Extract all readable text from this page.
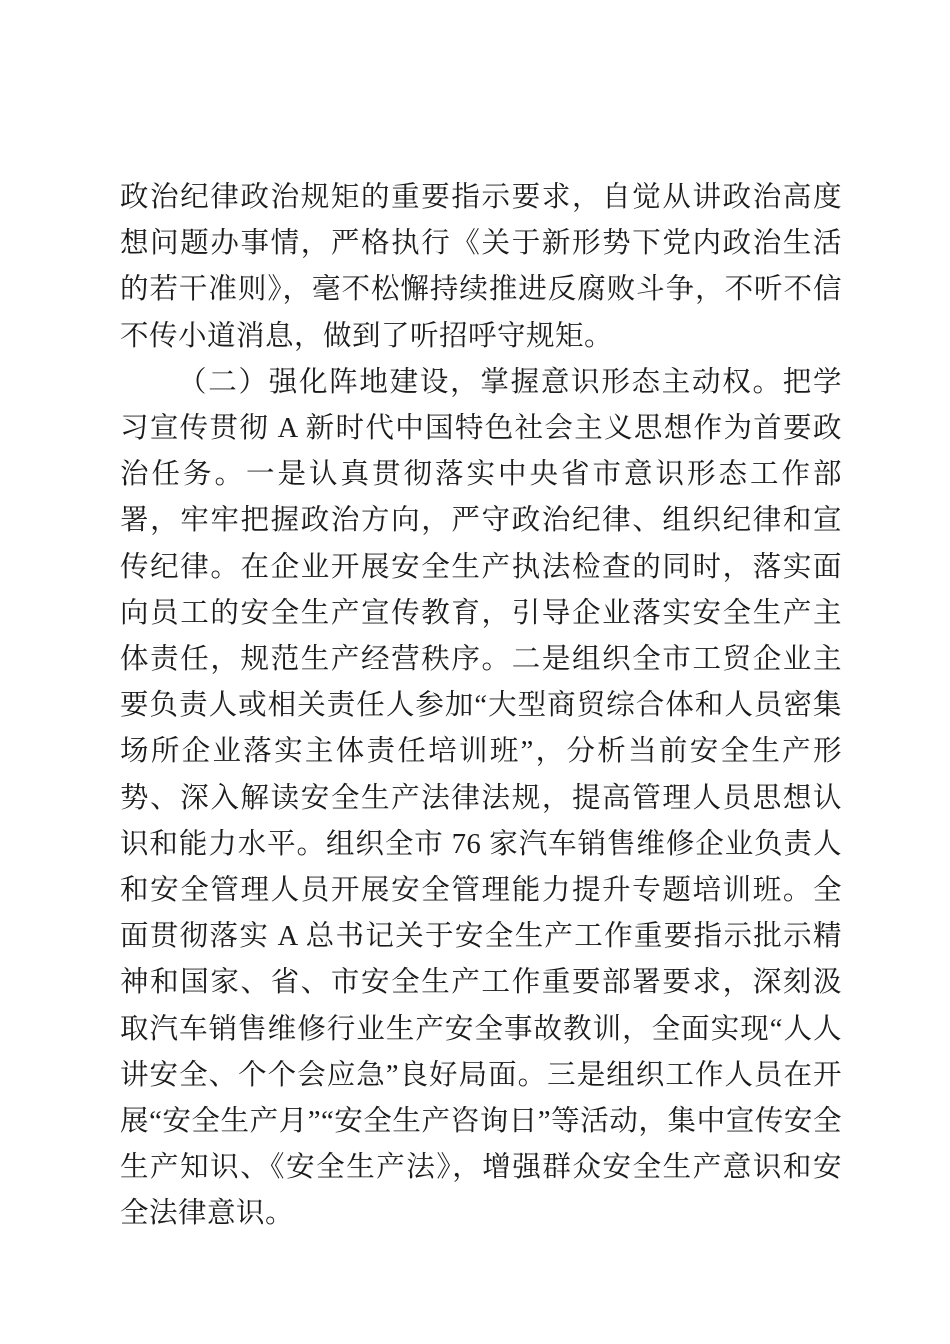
政治纪律政治规矩的重要指示要求，自觉从讲政治高度想问题办事情，严格执行《关于新形势下党内政治生活的若干准则》，毫不松懈持续推进反腐败斗争，不听不信不传小道消息，做到了听招呼守规矩。

（二）强化阵地建设，掌握意识形态主动权。把学习宣传贯彻 A 新时代中国特色社会主义思想作为首要政治任务。一是认真贯彻落实中央省市意识形态工作部署，牢牢把握政治方向，严守政治纪律、组织纪律和宣传纪律。在企业开展安全生产执法检查的同时，落实面向员工的安全生产宣传教育，引导企业落实安全生产主体责任，规范生产经营秩序。二是组织全市工贸企业主要负责人或相关责任人参加“大型商贸综合体和人员密集场所企业落实主体责任培训班”，分析当前安全生产形势、深入解读安全生产法律法规，提高管理人员思想认识和能力水平。组织全市 76 家汽车销售维修企业负责人和安全管理人员开展安全管理能力提升专题培训班。全面贯彻落实 A 总书记关于安全生产工作重要指示批示精神和国家、省、市安全生产工作重要部署要求，深刻汲取汽车销售维修行业生产安全事故教训，全面实现“人人讲安全、个个会应急”良好局面。三是组织工作人员在开展“安全生产月”“安全生产咨询日”等活动，集中宣传安全生产知识、《安全生产法》，增强群众安全生产意识和安全法律意识。
